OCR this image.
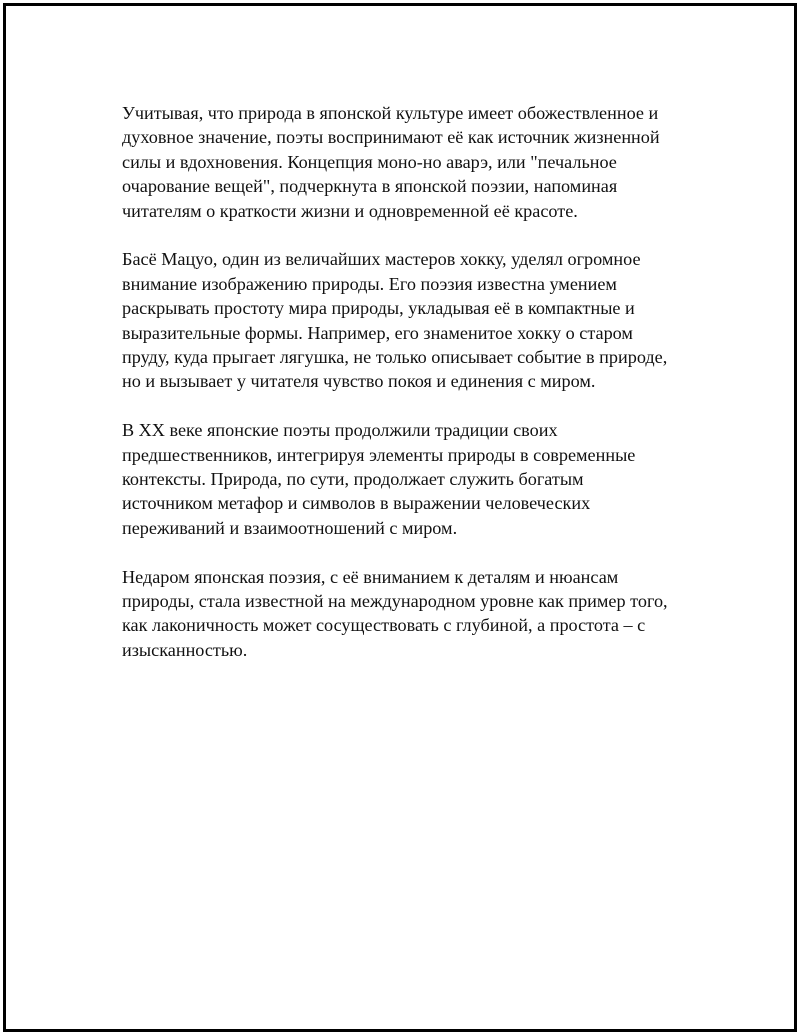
Учитывая, что природа в японской культуре имеет обожествленное и
духовное значение, поэты воспринимают её как источник жизненной
силы и вдохновения. Концепция моно-но аварэ, или "печальное
очарование вещей", подчеркнута в японской поэзии, напоминая
читателям о краткости жизни и одновременной её красоте.

Басё Мацуо, один из величайших мастеров хокку, уделял огромное
внимание изображению природы. Его поэзия известна умением
раскрывать простоту мира природы, укладывая её в компактные и
выразительные формы. Например, его знаменитое хокку о старом
пруду, куда прыгает лягушка, не только описывает событие в природе,
но и вызывает у читателя чувство покоя и единения с миром.

В XX веке японские поэты продолжили традиции своих
предшественников, интегрируя элементы природы в современные
контексты. Природа, по сути, продолжает служить богатым
источником метафор и символов в выражении человеческих
переживаний и взаимоотношений с миром.

Недаром японская поэзия, с её вниманием к деталям и нюансам
природы, стала известной на международном уровне как пример того,
как лаконичность может сосуществовать с глубиной, а простота – с
изысканностью.
